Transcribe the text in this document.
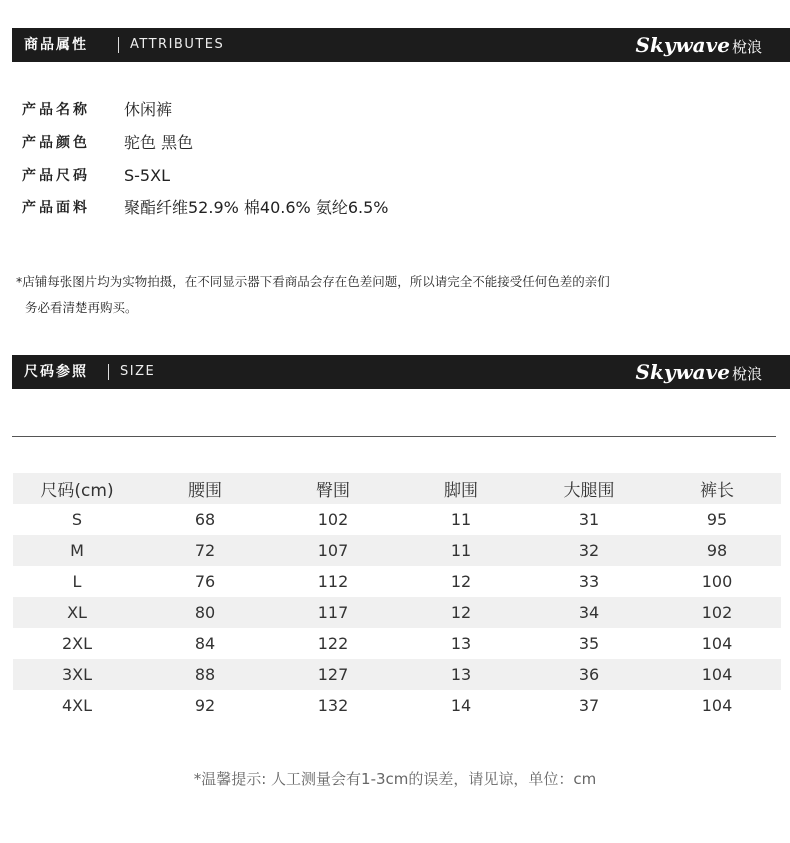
商品属性	ATTRIBUTES	Skywave 梲浪
产品名称	休闲裤
产品颜色	驼色 黑色
产品尺码	S-5XL
产品面料	聚酯纤维52.9% 棉40.6% 氨纶6.5%
*店铺每张图片均为实物拍摄，在不同显示器下看商品会存在色差问题，所以请完全不能接受任何色差的亲们
务必看清楚再购买。
尺码参照 SIZE	Skywave 梲浪
尺码(cm)	腰围	臀围	脚围	大腿围	裤长
S	68	102	11	31	95
M	72	107	11	32	98
L	76	112	12	33	100
XL	80	117	12	34	102
2XL	84	122	13	35	104
3XL	88	127	13	36	104
4XL	92	132	14	37	104
*温馨提示: 人工测量会有1-3cm的误差，请见谅，单位：cm
